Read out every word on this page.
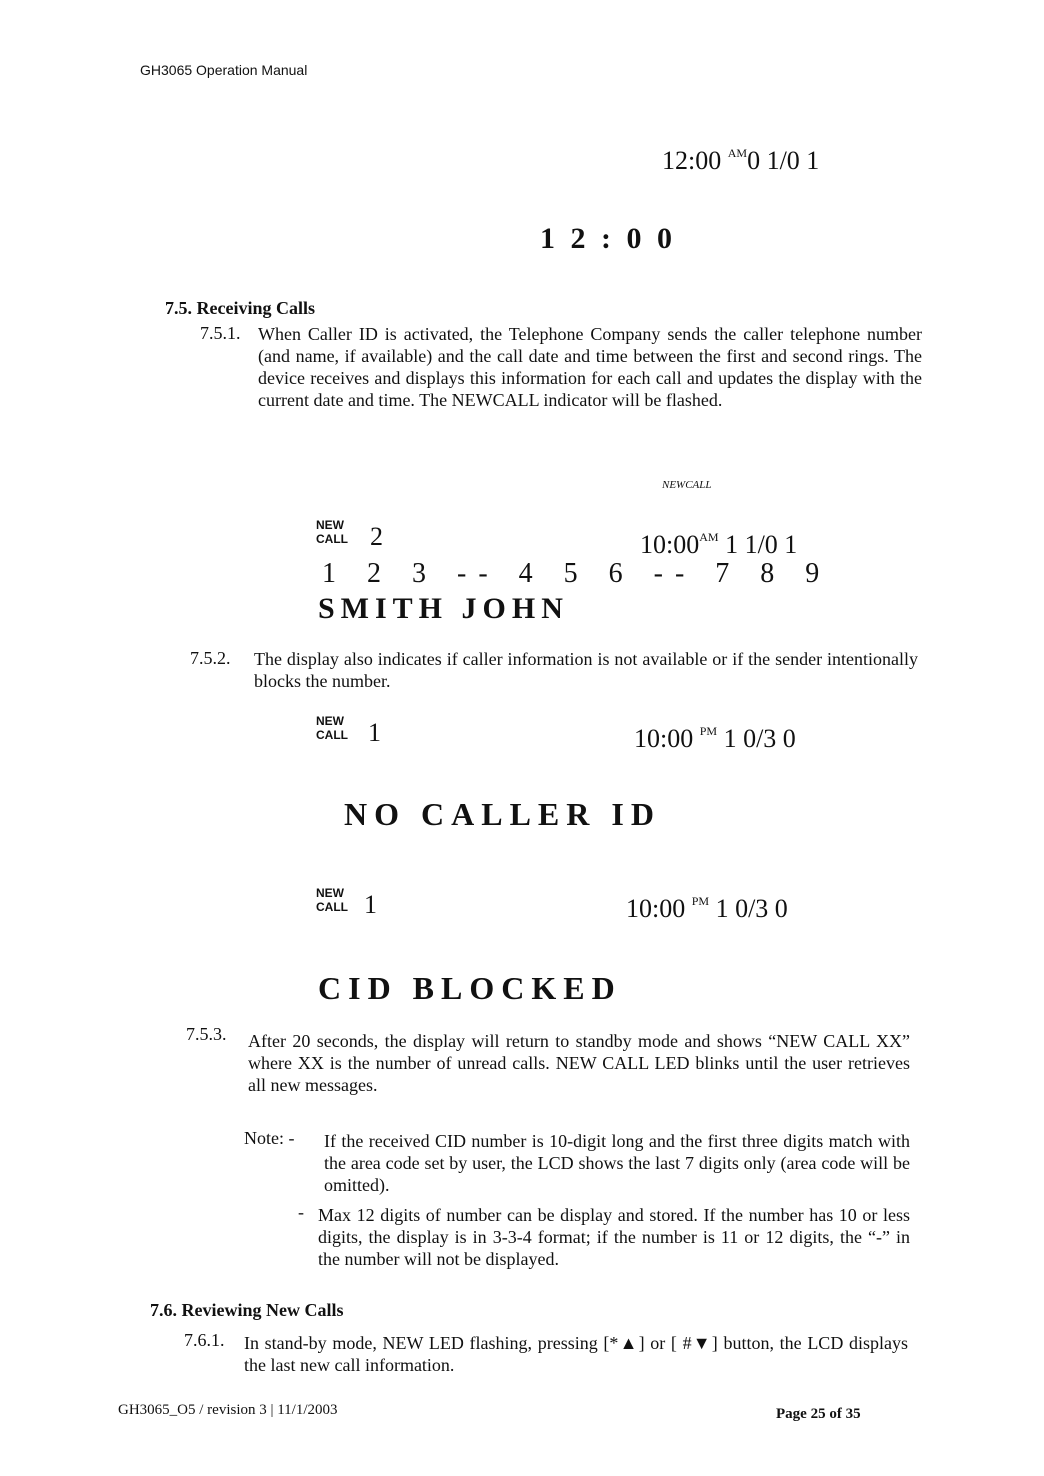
GH3065 Operation Manual
12:00 $^{AM}$0 1/0 1
1 2 : 0 0
7.5. Receiving Calls
7.5.1. When Caller ID is activated, the Telephone Company sends the caller telephone number (and name, if available) and the call date and time between the first and second rings. The device receives and displays this information for each call and updates the display with the current date and time. The NEWCALL indicator will be flashed.
NEWCALL
NEW
CALL 2	$10:00^{AM}$ 1 1/0 1
1 2 3 -- 4 5 6 -- 7 8 9
SMITH JOHN
7.5.2. The display also indicates if caller information is not available or if the sender intentionally blocks the number.
NEW
CALL 1	10:00 $^{PM}$ 1 0/3 0
NO CALLER ID
NEW
CALL 1	10:00 $^{PM}$ 1 0/3 0
CID BLOCKED
7.5.3. After 20 seconds, the display will return to standby mode and shows “NEW CALL XX” where XX is the number of unread calls. NEW CALL LED blinks until the user retrieves all new messages.
Note: - If the received CID number is 10-digit long and the first three digits match with the area code set by user, the LCD shows the last 7 digits only (area code will be omitted).
- Max 12 digits of number can be display and stored. If the number has 10 or less digits, the display is in 3-3-4 format; if the number is 11 or 12 digits, the “-” in the number will not be displayed.
7.6. Reviewing New Calls
7.6.1. In stand-by mode, NEW LED flashing, pressing [*▲] or [ #▼] button, the LCD displays the last new call information.
GH3065_O5 / revision 3 | 11/1/2003	Page 25 of 35
